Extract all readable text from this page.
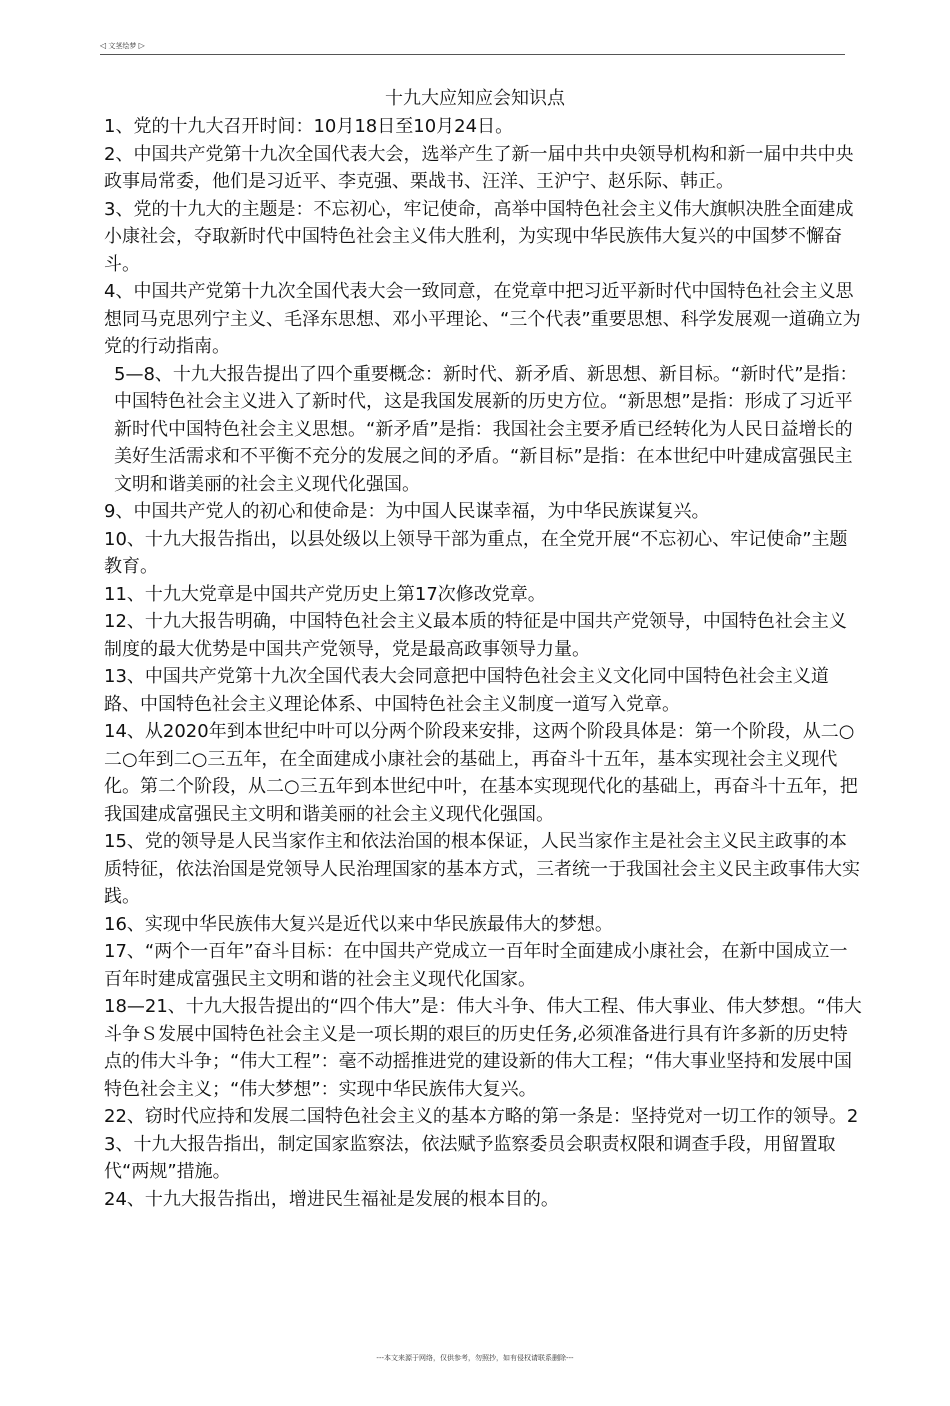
◁ 文茎绘梦 ▷
十九大应知应会知识点

1、党的十九大召开时间：10月18日至10月24日。

2、中国共产党第十九次全国代表大会，选举产生了新一届中共中央领导机构和新一届中共中央政事局常委，他们是习近平、李克强、栗战书、汪洋、王沪宁、赵乐际、韩正。

3、党的十九大的主题是：不忘初心，牢记使命，高举中国特色社会主义伟大旗帜决胜全面建成小康社会，夺取新时代中国特色社会主义伟大胜利，为实现中华民族伟大复兴的中国梦不懈奋斗。

4、中国共产党第十九次全国代表大会一致同意，在党章中把习近平新时代中国特色社会主义思想同马克思列宁主义、毛泽东思想、邓小平理论、“三个代表”重要思想、科学发展观一道确立为党的行动指南。

5—8、十九大报告提出了四个重要概念：新时代、新矛盾、新思想、新目标。“新时代”是指：中国特色社会主义进入了新时代，这是我国发展新的历史方位。“新思想”是指：形成了习近平新时代中国特色社会主义思想。“新矛盾”是指：我国社会主要矛盾已经转化为人民日益增长的美好生活需求和不平衡不充分的发展之间的矛盾。“新目标”是指：在本世纪中叶建成富强民主文明和谐美丽的社会主义现代化强国。

9、中国共产党人的初心和使命是：为中国人民谋幸福，为中华民族谋复兴。

10、十九大报告指出，以县处级以上领导干部为重点，在全党开展“不忘初心、牢记使命”主题教育。

11、十九大党章是中国共产党历史上第17次修改党章。

12、十九大报告明确，中国特色社会主义最本质的特征是中国共产党领导，中国特色社会主义制度的最大优势是中国共产党领导，党是最高政事领导力量。

13、中国共产党第十九次全国代表大会同意把中国特色社会主义文化同中国特色社会主义道路、中国特色社会主义理论体系、中国特色社会主义制度一道写入党章。

14、从2020年到本世纪中叶可以分两个阶段来安排，这两个阶段具体是：第一个阶段，从二○二○年到二○三五年，在全面建成小康社会的基础上，再奋斗十五年，基本实现社会主义现代化。第二个阶段，从二○三五年到本世纪中叶，在基本实现现代化的基础上，再奋斗十五年，把我国建成富强民主文明和谐美丽的社会主义现代化强国。

15、党的领导是人民当家作主和依法治国的根本保证，人民当家作主是社会主义民主政事的本质特征，依法治国是党领导人民治理国家的基本方式，三者统一于我国社会主义民主政事伟大实践。

16、实现中华民族伟大复兴是近代以来中华民族最伟大的梦想。

17、“两个一百年”奋斗目标：在中国共产党成立一百年时全面建成小康社会，在新中国成立一百年时建成富强民主文明和谐的社会主义现代化国家。

18—21、十九大报告提出的“四个伟大”是：伟大斗争、伟大工程、伟大事业、伟大梦想。“伟大斗争Ｓ发展中国特色社会主义是一项长期的艰巨的历史任务,必须准备进行具有许多新的历史特点的伟大斗争；“伟大工程”：毫不动摇推进党的建设新的伟大工程；“伟大事业坚持和发展中国特色社会主义；“伟大梦想”：实现中华民族伟大复兴。

22、窃时代应持和发展二国特色社会主义的基本方略的第一条是：坚持党对一切工作的领导。23、十九大报告指出，制定国家监察法，依法赋予监察委员会职责权限和调查手段，用留置取代“两规”措施。

24、十九大报告指出，增进民生福祉是发展的根本目的。

---本文来源于网络，仅供参考，勿照抄，如有侵权请联系删除---
